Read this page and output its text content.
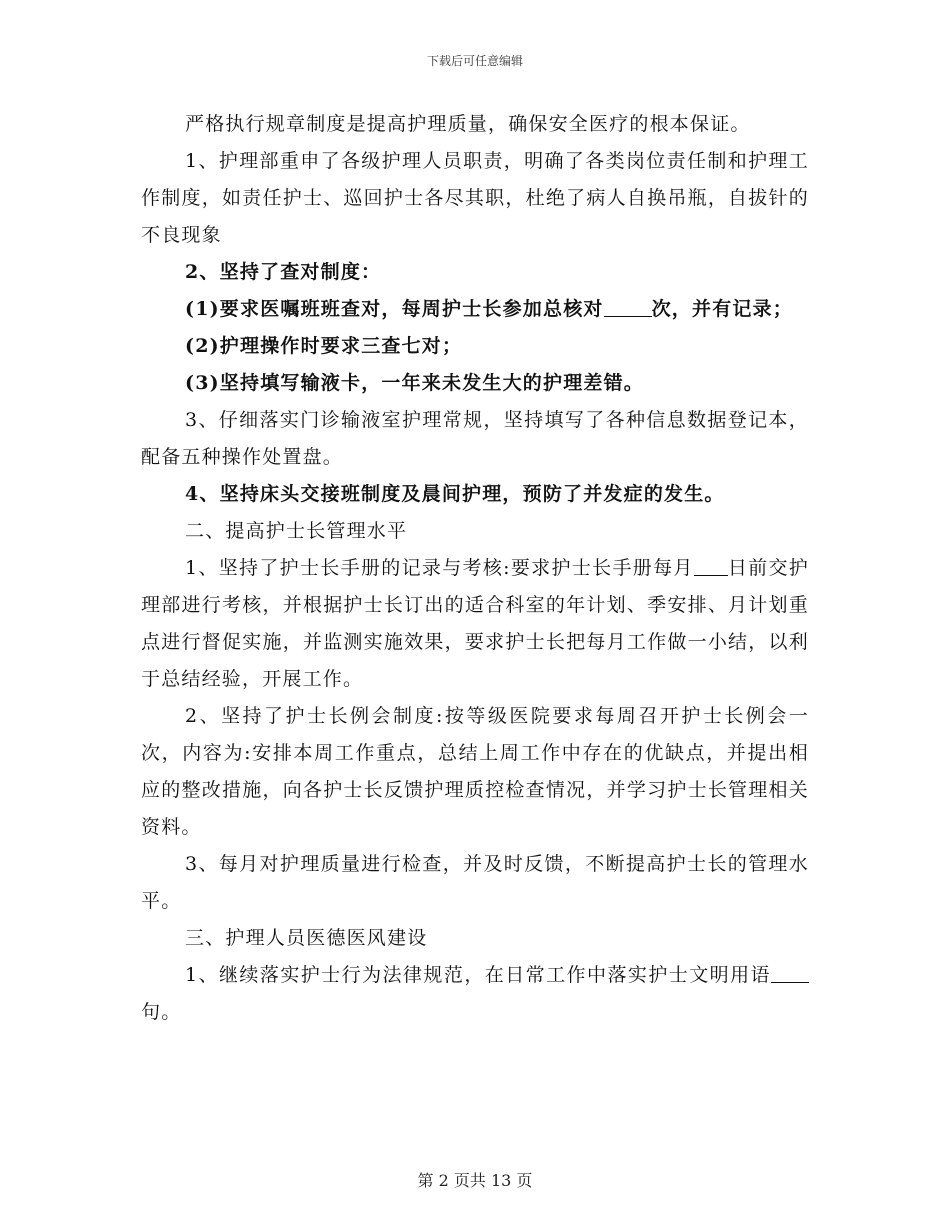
下载后可任意编辑

严格执行规章制度是提高护理质量，确保安全医疗的根本保证。

1、护理部重申了各级护理人员职责，明确了各类岗位责任制和护理工作制度，如责任护士、巡回护士各尽其职，杜绝了病人自换吊瓶，自拔针的不良现象

2、坚持了查对制度：

(1)要求医嘱班班查对，每周护士长参加总核对	次，并有记录；

(2)护理操作时要求三查七对；

(3)坚持填写输液卡，一年来未发生大的护理差错。

3、仔细落实门诊输液室护理常规，坚持填写了各种信息数据登记本，配备五种操作处置盘。

4、坚持床头交接班制度及晨间护理，预防了并发症的发生。

二、提高护士长管理水平

1、坚持了护士长手册的记录与考核:要求护士长手册每月 日前交护理部进行考核，并根据护士长订出的适合科室的年计划、季安排、月计划重点进行督促实施，并监测实施效果，要求护士长把每月工作做一小结，以利于总结经验，开展工作。

2、坚持了护士长例会制度:按等级医院要求每周召开护士长例会一次，内容为:安排本周工作重点，总结上周工作中存在的优缺点，并提出相应的整改措施，向各护士长反馈护理质控检查情况，并学习护士长管理相关资料。

3、每月对护理质量进行检查，并及时反馈，不断提高护士长的管理水平。

三、护理人员医德医风建设

1、继续落实护士行为法律规范，在日常工作中落实护士文明用语句。

第 2 页共 13 页
